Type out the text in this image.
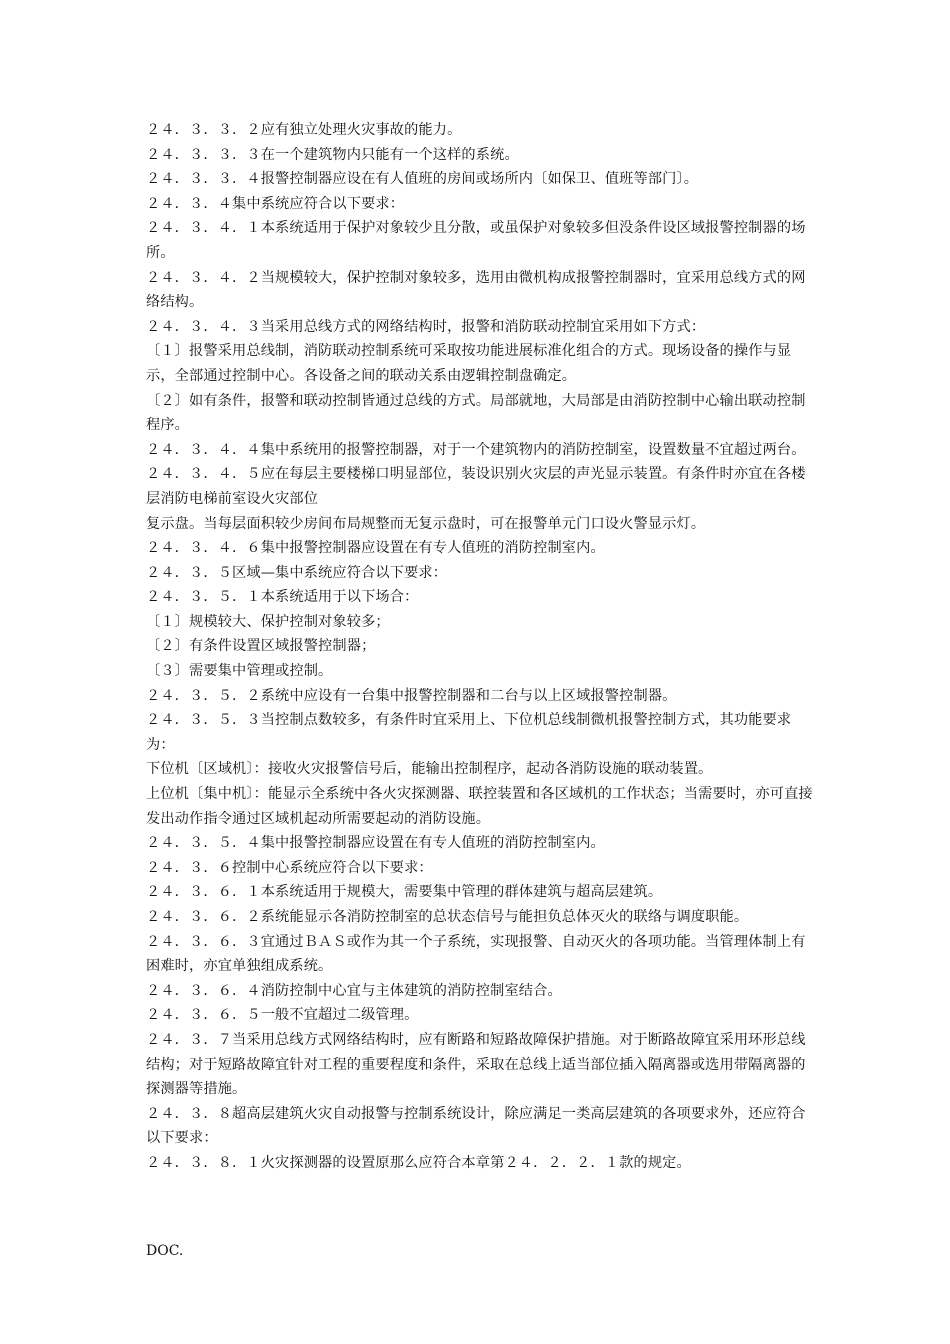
２４．３．３．２应有独立处理火灾事故的能力。

２４．３．３．３在一个建筑物内只能有一个这样的系统。

２４．３．３．４报警控制器应设在有人值班的房间或场所内〔如保卫、值班等部门〕。

２４．３．４集中系统应符合以下要求：

２４．３．４．１本系统适用于保护对象较少且分散，或虽保护对象较多但没条件设区域报警控制器的场所。

２４．３．４．２当规模较大，保护控制对象较多，选用由微机构成报警控制器时，宜采用总线方式的网络结构。

２４．３．４．３当采用总线方式的网络结构时，报警和消防联动控制宜采用如下方式：

〔１〕报警采用总线制，消防联动控制系统可采取按功能进展标准化组合的方式。现场设备的操作与显示，全部通过控制中心。各设备之间的联动关系由逻辑控制盘确定。

〔２〕如有条件，报警和联动控制皆通过总线的方式。局部就地，大局部是由消防控制中心输出联动控制程序。

２４．３．４．４集中系统用的报警控制器，对于一个建筑物内的消防控制室，设置数量不宜超过两台。

２４．３．４．５应在每层主要楼梯口明显部位，装设识别火灾层的声光显示装置。有条件时亦宜在各楼层消防电梯前室设火灾部位

复示盘。当每层面积较少房间布局规整而无复示盘时，可在报警单元门口设火警显示灯。

２４．３．４．６集中报警控制器应设置在有专人值班的消防控制室内。

２４．３．５区域—集中系统应符合以下要求：

２４．３．５．１本系统适用于以下场合：

〔１〕规模较大、保护控制对象较多；

〔２〕有条件设置区域报警控制器；

〔３〕需要集中管理或控制。

２４．３．５．２系统中应设有一台集中报警控制器和二台与以上区域报警控制器。

２４．３．５．３当控制点数较多，有条件时宜采用上、下位机总线制微机报警控制方式，其功能要求为：

下位机〔区域机〕：接收火灾报警信号后，能输出控制程序，起动各消防设施的联动装置。

上位机〔集中机〕：能显示全系统中各火灾探测器、联控装置和各区域机的工作状态；当需要时，亦可直接发出动作指令通过区域机起动所需要起动的消防设施。

２４．３．５．４集中报警控制器应设置在有专人值班的消防控制室内。

２４．３．６控制中心系统应符合以下要求：

２４．３．６．１本系统适用于规模大，需要集中管理的群体建筑与超高层建筑。

２４．３．６．２系统能显示各消防控制室的总状态信号与能担负总体灭火的联络与调度职能。

２４．３．６．３宜通过ＢＡＳ或作为其一个子系统，实现报警、自动灭火的各项功能。当管理体制上有困难时，亦宜单独组成系统。

２４．３．６．４消防控制中心宜与主体建筑的消防控制室结合。

２４．３．６．５一般不宜超过二级管理。

２４．３．７当采用总线方式网络结构时，应有断路和短路故障保护措施。对于断路故障宜采用环形总线结构；对于短路故障宜针对工程的重要程度和条件，采取在总线上适当部位插入隔离器或选用带隔离器的探测器等措施。

２４．３．８超高层建筑火灾自动报警与控制系统设计，除应满足一类高层建筑的各项要求外，还应符合以下要求：

２４．３．８．１火灾探测器的设置原那么应符合本章第２４．２．２．１款的规定。

DOC.
